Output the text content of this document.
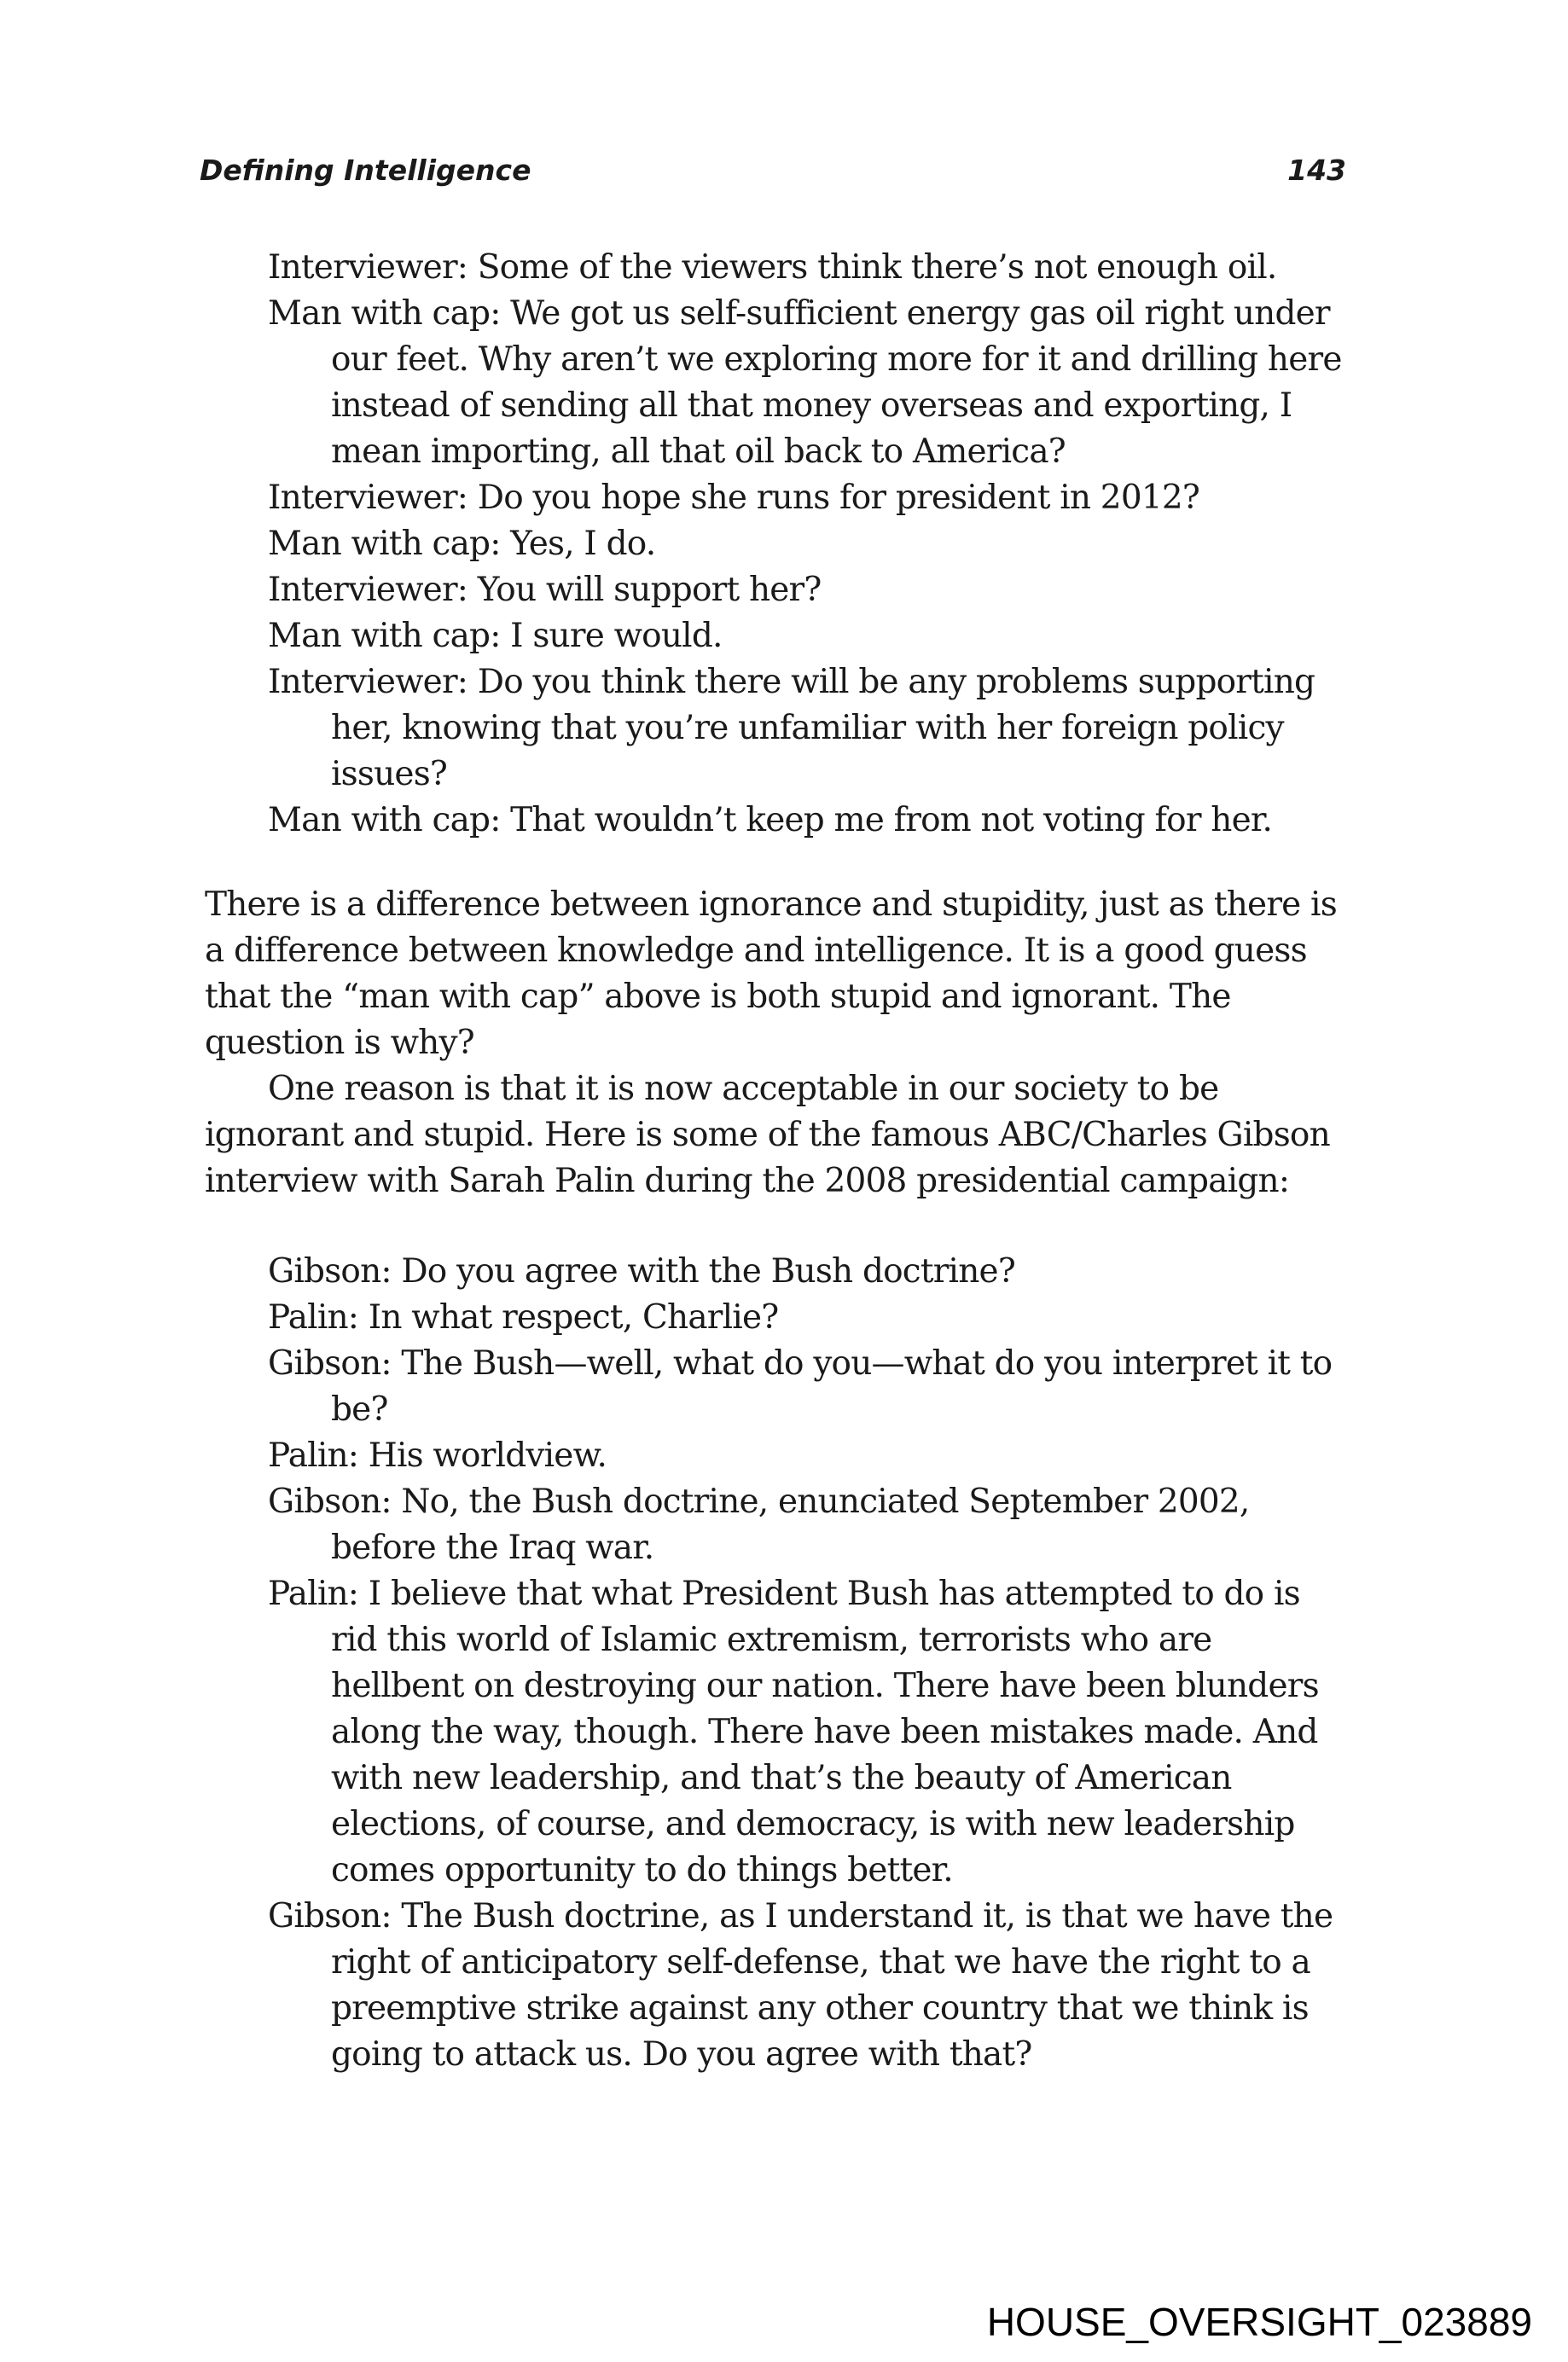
Defining Intelligence	143

Interviewer: Some of the viewers think there’s not enough oil.

Man with cap: We got us self-sufficient energy gas oil right under our feet. Why aren’t we exploring more for it and drilling here instead of sending all that money overseas and exporting, I mean importing, all that oil back to America?

Interviewer: Do you hope she runs for president in 2012?

Man with cap: Yes, I do.

Interviewer: You will support her?

Man with cap: I sure would.

Interviewer: Do you think there will be any problems supporting her, knowing that you’re unfamiliar with her foreign policy issues?

Man with cap: That wouldn’t keep me from not voting for her.

There is a difference between ignorance and stupidity, just as there is a difference between knowledge and intelligence. It is a good guess that the “man with cap” above is both stupid and ignorant. The question is why?

One reason is that it is now acceptable in our society to be ignorant and stupid. Here is some of the famous ABC/Charles Gibson interview with Sarah Palin during the 2008 presidential campaign:

Gibson: Do you agree with the Bush doctrine?

Palin: In what respect, Charlie?

Gibson: The Bush—well, what do you—what do you interpret it to be?

Palin: His worldview.

Gibson: No, the Bush doctrine, enunciated September 2002, before the Iraq war.

Palin: I believe that what President Bush has attempted to do is rid this world of Islamic extremism, terrorists who are hellbent on destroying our nation. There have been blunders along the way, though. There have been mistakes made. And with new leadership, and that’s the beauty of American elections, of course, and democracy, is with new leadership comes opportunity to do things better.

Gibson: The Bush doctrine, as I understand it, is that we have the right of anticipatory self-defense, that we have the right to a preemptive strike against any other country that we think is going to attack us. Do you agree with that?

HOUSE_OVERSIGHT_023889
